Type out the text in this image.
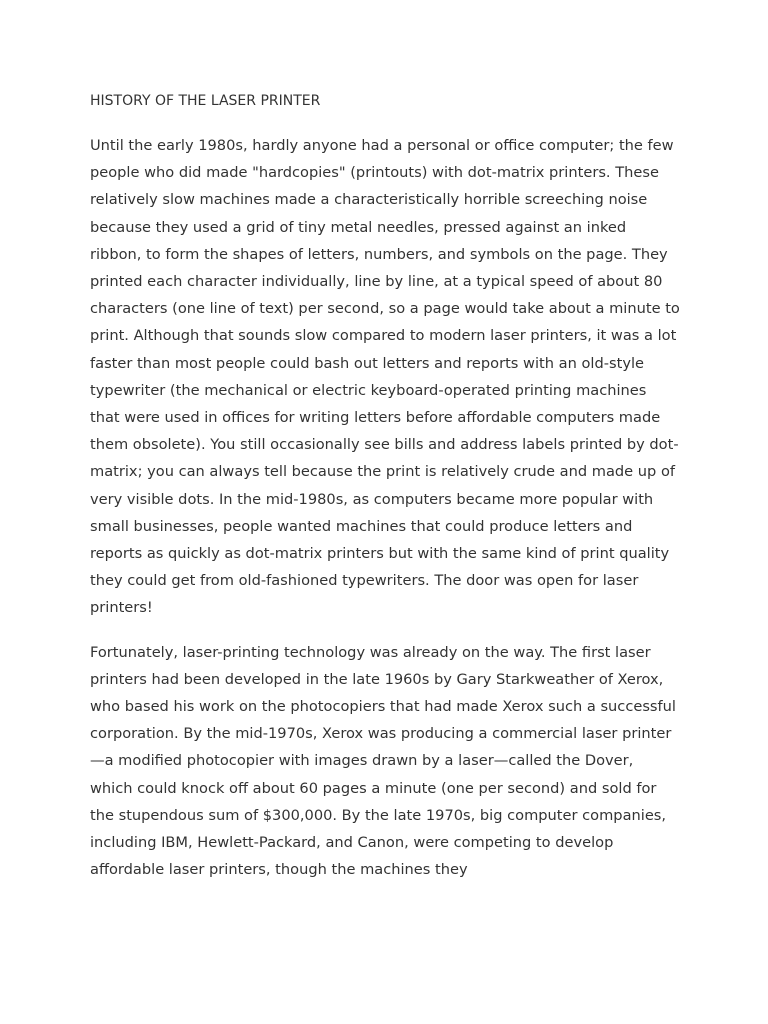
HISTORY OF THE LASER PRINTER

Until the early 1980s, hardly anyone had a personal or office computer; the few people who did made "hardcopies" (printouts) with dot-matrix printers. These relatively slow machines made a characteristically horrible screeching noise because they used a grid of tiny metal needles, pressed against an inked ribbon, to form the shapes of letters, numbers, and symbols on the page. They printed each character individually, line by line, at a typical speed of about 80 characters (one line of text) per second, so a page would take about a minute to print. Although that sounds slow compared to modern laser printers, it was a lot faster than most people could bash out letters and reports with an old-style typewriter (the mechanical or electric keyboard-operated printing machines that were used in offices for writing letters before affordable computers made them obsolete). You still occasionally see bills and address labels printed by dot-matrix; you can always tell because the print is relatively crude and made up of very visible dots. In the mid-1980s, as computers became more popular with small businesses, people wanted machines that could produce letters and reports as quickly as dot-matrix printers but with the same kind of print quality they could get from old-fashioned typewriters. The door was open for laser printers!

Fortunately, laser-printing technology was already on the way. The first laser printers had been developed in the late 1960s by Gary Starkweather of Xerox, who based his work on the photocopiers that had made Xerox such a successful corporation. By the mid-1970s, Xerox was producing a commercial laser printer—a modified photocopier with images drawn by a laser—called the Dover, which could knock off about 60 pages a minute (one per second) and sold for the stupendous sum of $300,000. By the late 1970s, big computer companies, including IBM, Hewlett-Packard, and Canon, were competing to develop affordable laser printers, though the machines they
